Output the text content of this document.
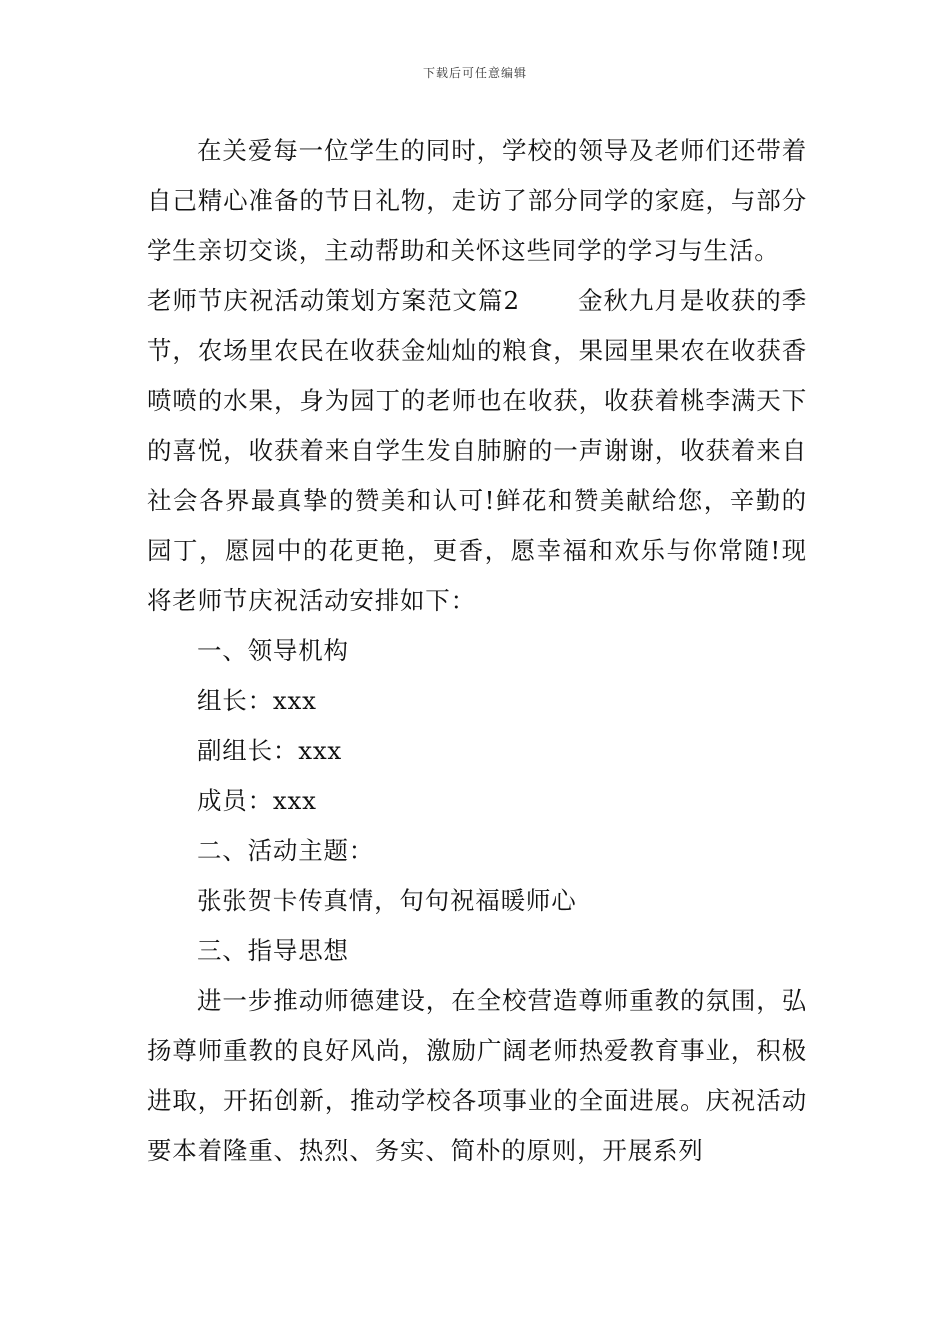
下载后可任意编辑

在关爱每一位学生的同时，学校的领导及老师们还带着自己精心准备的节日礼物，走访了部分同学的家庭，与部分学生亲切交谈，主动帮助和关怀这些同学的学习与生活。

老师节庆祝活动策划方案范文篇2 金秋九月是收获的季节，农场里农民在收获金灿灿的粮食，果园里果农在收获香喷喷的水果，身为园丁的老师也在收获，收获着桃李满天下的喜悦，收获着来自学生发自肺腑的一声谢谢，收获着来自社会各界最真挚的赞美和认可!鲜花和赞美献给您，辛勤的园丁，愿园中的花更艳，更香，愿幸福和欢乐与你常随!现将老师节庆祝活动安排如下：

一、领导机构

组长：xxx

副组长：xxx

成员：xxx

二、活动主题：

张张贺卡传真情，句句祝福暖师心

三、指导思想

进一步推动师德建设，在全校营造尊师重教的氛围，弘扬尊师重教的良好风尚，激励广阔老师热爱教育事业，积极进取，开拓创新，推动学校各项事业的全面进展。庆祝活动要本着隆重、热烈、务实、简朴的原则，开展系列
